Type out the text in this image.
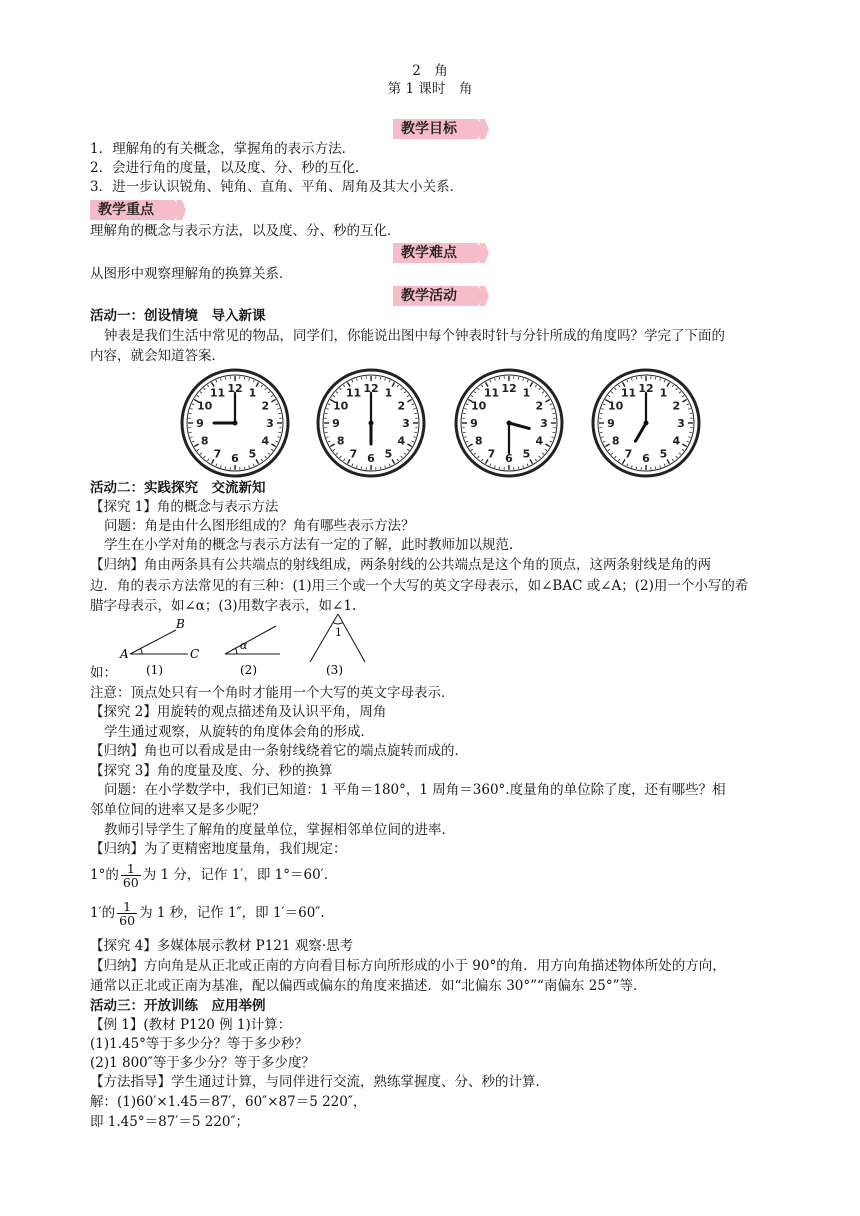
2　角
第 1 课时　角
教学目标
1．理解角的有关概念，掌握角的表示方法．
2．会进行角的度量，以及度、分、秒的互化．
3．进一步认识锐角、钝角、直角、平角、周角及其大小关系．
教学重点
理解角的概念与表示方法，以及度、分、秒的互化．
教学难点
从图形中观察理解角的换算关系．
教学活动
活动一：创设情境　导入新课
钟表是我们生活中常见的物品，同学们，你能说出图中每个钟表时针与分针所成的角度吗？学完了下面的
内容，就会知道答案．
12 1
2
3
4
5
6
7
8
9
10
11	12 1
2
3
4
5
6
7
8
9
10
11	12 1
2
3
4
5
6
7
8
9
10
11	12 1
2
3
4
5
6
7
8
9
10
11
活动二：实践探究　交流新知
【探究 1】角的概念与表示方法
问题：角是由什么图形组成的？角有哪些表示方法？
学生在小学对角的概念与表示方法有一定的了解，此时教师加以规范．
【归纳】角由两条具有公共端点的射线组成，两条射线的公共端点是这个角的顶点，这两条射线是角的两
边．角的表示方法常见的有三种：(1)用三个或一个大写的英文字母表示，如∠BAC 或∠A；(2)用一个小写的希
腊字母表示，如∠α；(3)用数字表示，如∠1.
B
A	C
(1)
α
(2)
1
(3)
如：
注意：顶点处只有一个角时才能用一个大写的英文字母表示．
【探究 2】用旋转的观点描述角及认识平角，周角
学生通过观察，从旋转的角度体会角的形成．
【归纳】角也可以看成是由一条射线绕着它的端点旋转而成的．
【探究 3】角的度量及度、分、秒的换算
问题：在小学数学中，我们已知道：1 平角＝180°，1 周角＝360°.度量角的单位除了度，还有哪些？相
邻单位间的进率又是多少呢？
教师引导学生了解角的度量单位，掌握相邻单位间的进率．
【归纳】为了更精密地度量角，我们规定：
1°的 $\frac{1}{60}$ 为 1 分，记作 1′，即 1°＝60′.
1′的 $\frac{1}{60}$ 为 1 秒，记作 1″，即 1′＝60″.
【探究 4】多媒体展示教材 P121 观察·思考
【归纳】方向角是从正北或正南的方向看目标方向所形成的小于 90°的角．用方向角描述物体所处的方向，
通常以正北或正南为基准，配以偏西或偏东的角度来描述．如“北偏东 30°”“南偏东 25°”等．
活动三：开放训练　应用举例
【例 1】(教材 P120 例 1)计算：
(1)1.45°等于多少分？等于多少秒？
(2)1 800″等于多少分？等于多少度？
【方法指导】学生通过计算，与同伴进行交流，熟练掌握度、分、秒的计算．
解：(1)60′×1.45＝87′，60″×87＝5 220″，
即 1.45°＝87′＝5 220″；
